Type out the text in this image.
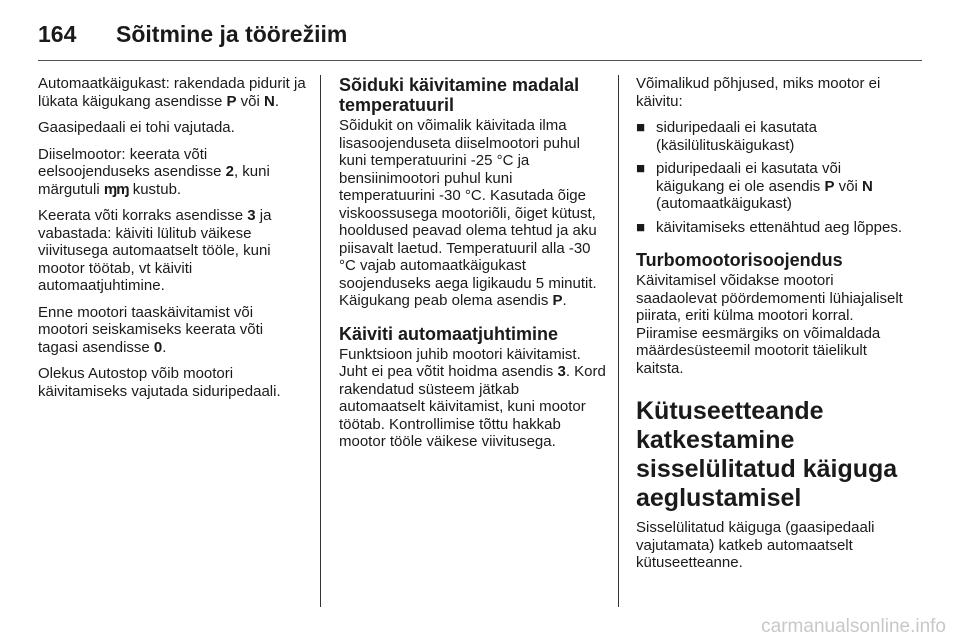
164	Sõitmine ja töörežiim

Automaatkäigukast: rakendada pidurit ja lükata käigukang asendisse P või N.

Gaasipedaali ei tohi vajutada.

Diiselmootor: keerata võti eelsoojenduseks asendisse 2, kuni märgutuli ɱɱ kustub.

Keerata võti korraks asendisse 3 ja vabastada: käiviti lülitub väikese viivitusega automaatselt tööle, kuni mootor töötab, vt käiviti automaatjuhtimine.

Enne mootori taaskäivitamist või mootori seiskamiseks keerata võti tagasi asendisse 0.

Olekus Autostop võib mootori käivitamiseks vajutada siduripedaali.

Sõiduki käivitamine madalal temperatuuril

Sõidukit on võimalik käivitada ilma lisasoojenduseta diiselmootori puhul kuni temperatuurini -25 °C ja bensiinimootori puhul kuni temperatuurini -30 °C. Kasutada õige viskoossusega mootoriõli, õiget kütust, hooldused peavad olema tehtud ja aku piisavalt laetud. Temperatuuril alla -30 °C vajab automaatkäigukast soojenduseks aega ligikaudu 5 minutit. Käigukang peab olema asendis P.

Käiviti automaatjuhtimine

Funktsioon juhib mootori käivitamist. Juht ei pea võtit hoidma asendis 3. Kord rakendatud süsteem jätkab automaatselt käivitamist, kuni mootor töötab. Kontrollimise tõttu hakkab mootor tööle väikese viivitusega.

Võimalikud põhjused, miks mootor ei käivitu:

■ siduripedaali ei kasutata (käsilülituskäigukast)
■ piduripedaali ei kasutata või käigukang ei ole asendis P või N (automaatkäigukast)
■ käivitamiseks ettenähtud aeg lõppes.
Turbomootorisoojendus

Käivitamisel võidakse mootori saadaolevat pöördemomenti lühiajaliselt piirata, eriti külma mootori korral. Piiramise eesmärgiks on võimaldada määrdesüsteemil mootorit täielikult kaitsta.

Kütuseetteande katkestamine sisselülitatud käiguga aeglustamisel

Sisselülitatud käiguga (gaasipedaali vajutamata) katkeb automaatselt kütuseetteanne.

carmanualsonline.info
